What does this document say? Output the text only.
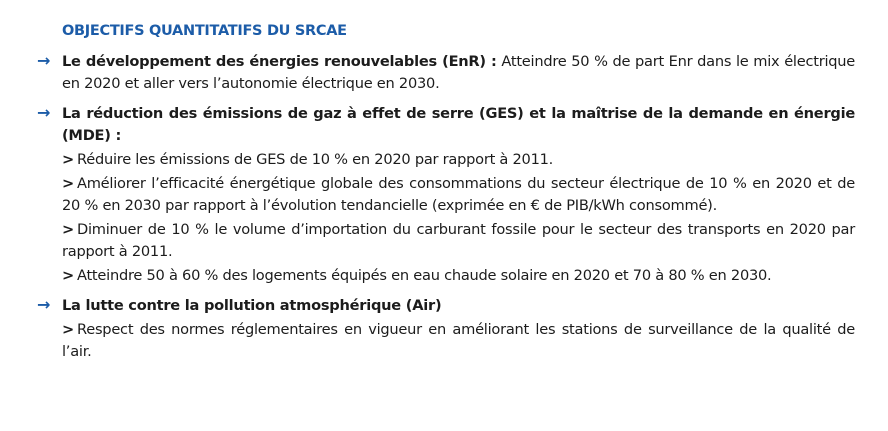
OBJECTIFS QUANTITATIFS DU SRCAE
→ Le développement des énergies renouvelables (EnR) : Atteindre 50 % de part Enr dans le mix électrique en 2020 et aller vers l’autonomie électrique en 2030.

→ La réduction des émissions de gaz à effet de serre (GES) et la maîtrise de la demande en énergie (MDE) :

> Réduire les émissions de GES de 10 % en 2020 par rapport à 2011.

> Améliorer l’efficacité énergétique globale des consommations du secteur électrique de 10 % en 2020 et de 20 % en 2030 par rapport à l’évolution tendancielle (exprimée en € de PIB/kWh consommé).

> Diminuer de 10 % le volume d’importation du carburant fossile pour le secteur des transports en 2020 par rapport à 2011.

> Atteindre 50 à 60 % des logements équipés en eau chaude solaire en 2020 et 70 à 80 % en 2030.

→ La lutte contre la pollution atmosphérique (Air)

> Respect des normes réglementaires en vigueur en améliorant les stations de surveillance de la qualité de l’air.
